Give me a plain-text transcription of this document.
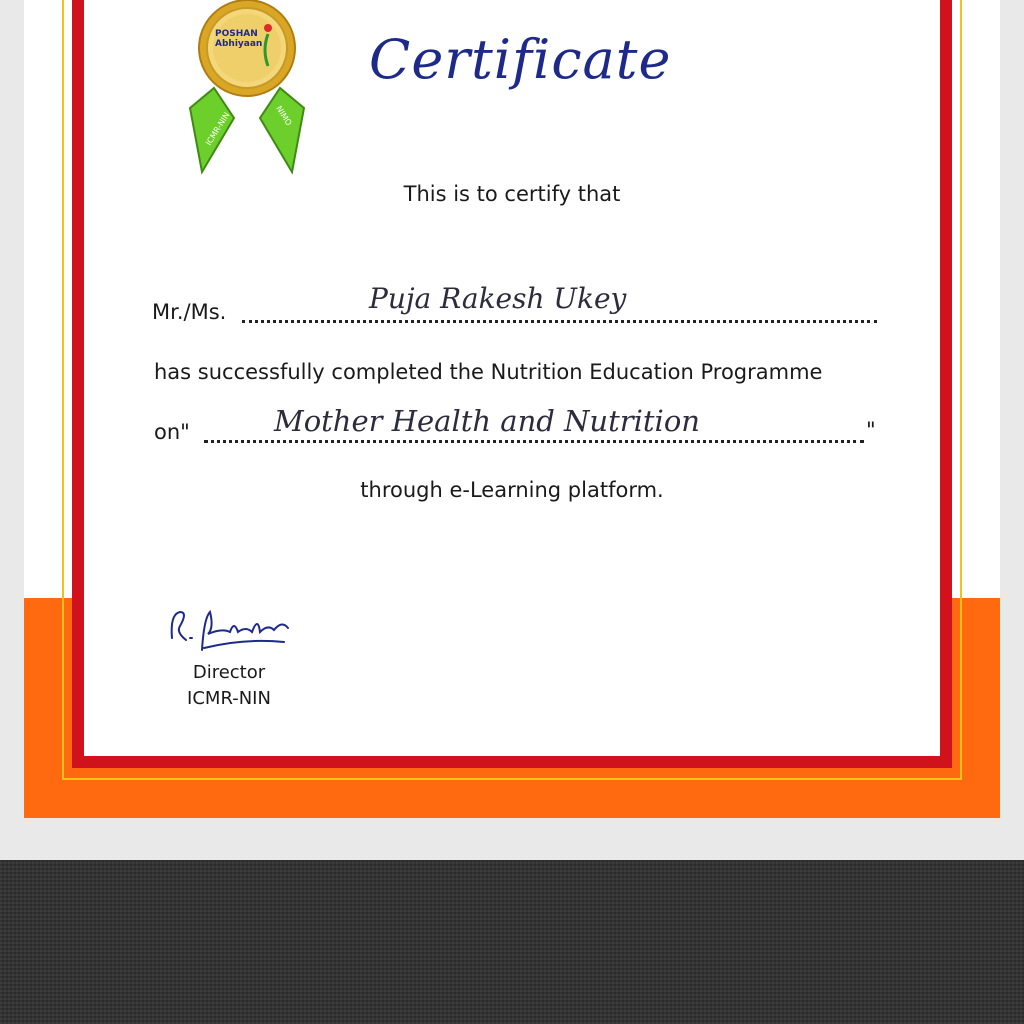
ICMR-NIN	NIMO
POSHAN
Abhiyaan Certificate
This is to certify that
Mr./Ms.	Puja Rakesh Ukey
has successfully completed the Nutrition Education Programme
on"	Mother Health and Nutrition	"
through e-Learning platform.
Director
ICMR-NIN
